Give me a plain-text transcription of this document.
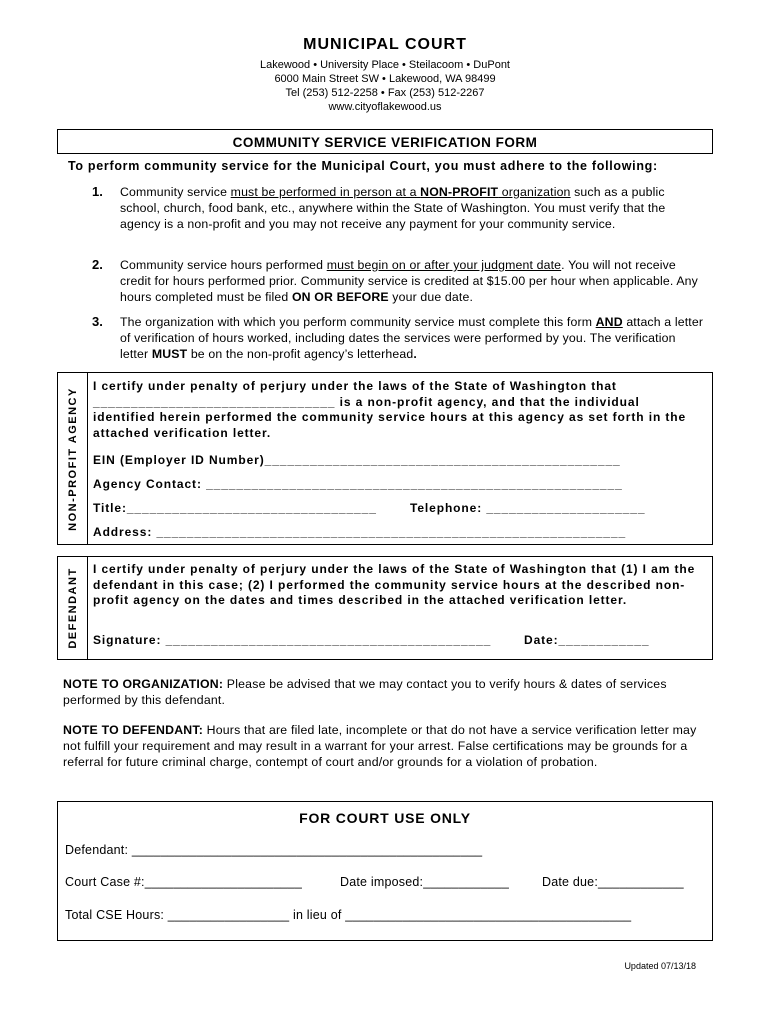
MUNICIPAL COURT
Lakewood • University Place • Steilacoom • DuPont
6000 Main Street SW • Lakewood, WA 98499
Tel (253) 512-2258 • Fax (253) 512-2267
www.cityoflakewood.us
COMMUNITY SERVICE VERIFICATION FORM
To perform community service for the Municipal Court, you must adhere to the following:
1. Community service must be performed in person at a NON-PROFIT organization such as a public school, church, food bank, etc., anywhere within the State of Washington. You must verify that the agency is a non-profit and you may not receive any payment for your community service.
2. Community service hours performed must begin on or after your judgment date. You will not receive credit for hours performed prior. Community service is credited at $15.00 per hour when applicable. Any hours completed must be filed ON OR BEFORE your due date.
3. The organization with which you perform community service must complete this form AND attach a letter of verification of hours worked, including dates the services were performed by you. The verification letter MUST be on the non-profit agency’s letterhead.
NON-PROFIT AGENCY
I certify under penalty of perjury under the laws of the State of Washington that ________________________________ is a non-profit agency, and that the individual identified herein performed the community service hours at this agency as set forth in the attached verification letter.
EIN (Employer ID Number)_______________________________________________
Agency Contact: _______________________________________________________
Title:_________________________________	Telephone: _____________________
Address: ______________________________________________________________
DEFENDANT I certify under penalty of perjury under the laws of the State of Washington that (1) I am the defendant in this case; (2) I performed the community service hours at the described non-profit agency on the dates and times described in the attached verification letter.
Signature: ___________________________________________	Date:____________
NOTE TO ORGANIZATION: Please be advised that we may contact you to verify hours & dates of services performed by this defendant.
NOTE TO DEFENDANT: Hours that are filed late, incomplete or that do not have a service verification letter may not fulfill your requirement and may result in a warrant for your arrest. False certifications may be grounds for a referral for future criminal charge, contempt of court and/or grounds for a violation of probation.
FOR COURT USE ONLY
Defendant: _________________________________________________
Court Case #:______________________	Date imposed:____________	Date due:____________
Total CSE Hours: _________________ in lieu of ________________________________________
Updated 07/13/18
